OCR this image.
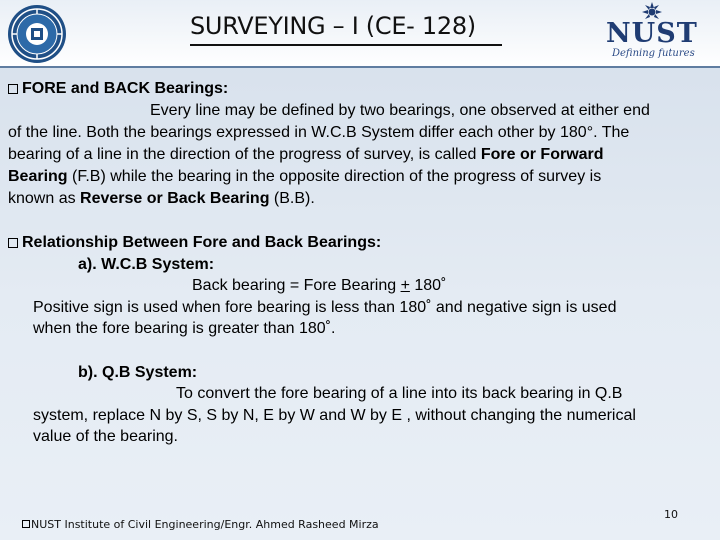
SURVEYING – I (CE- 128)	NUST
Defining futures
FORE and BACK Bearings:
Every line may be defined by two bearings, one observed at either end
of the line. Both the bearings expressed in W.C.B System differ each other by 180°. The
bearing of a line in the direction of the progress of survey, is called Fore or Forward
Bearing (F.B) while the bearing in the opposite direction of the progress of survey is
known as Reverse or Back Bearing (B.B).
Relationship Between Fore and Back Bearings:
a). W.C.B System:
Back bearing = Fore Bearing + 180˚
Positive sign is used when fore bearing is less than 180˚ and negative sign is used
when the fore bearing is greater than 180˚.
b). Q.B System:
To convert the fore bearing of a line into its back bearing in Q.B
system, replace N by S, S by N, E by W and W by E , without changing the numerical
value of the bearing.
NUST Institute of Civil Engineering/Engr. Ahmed Rasheed Mirza
10
